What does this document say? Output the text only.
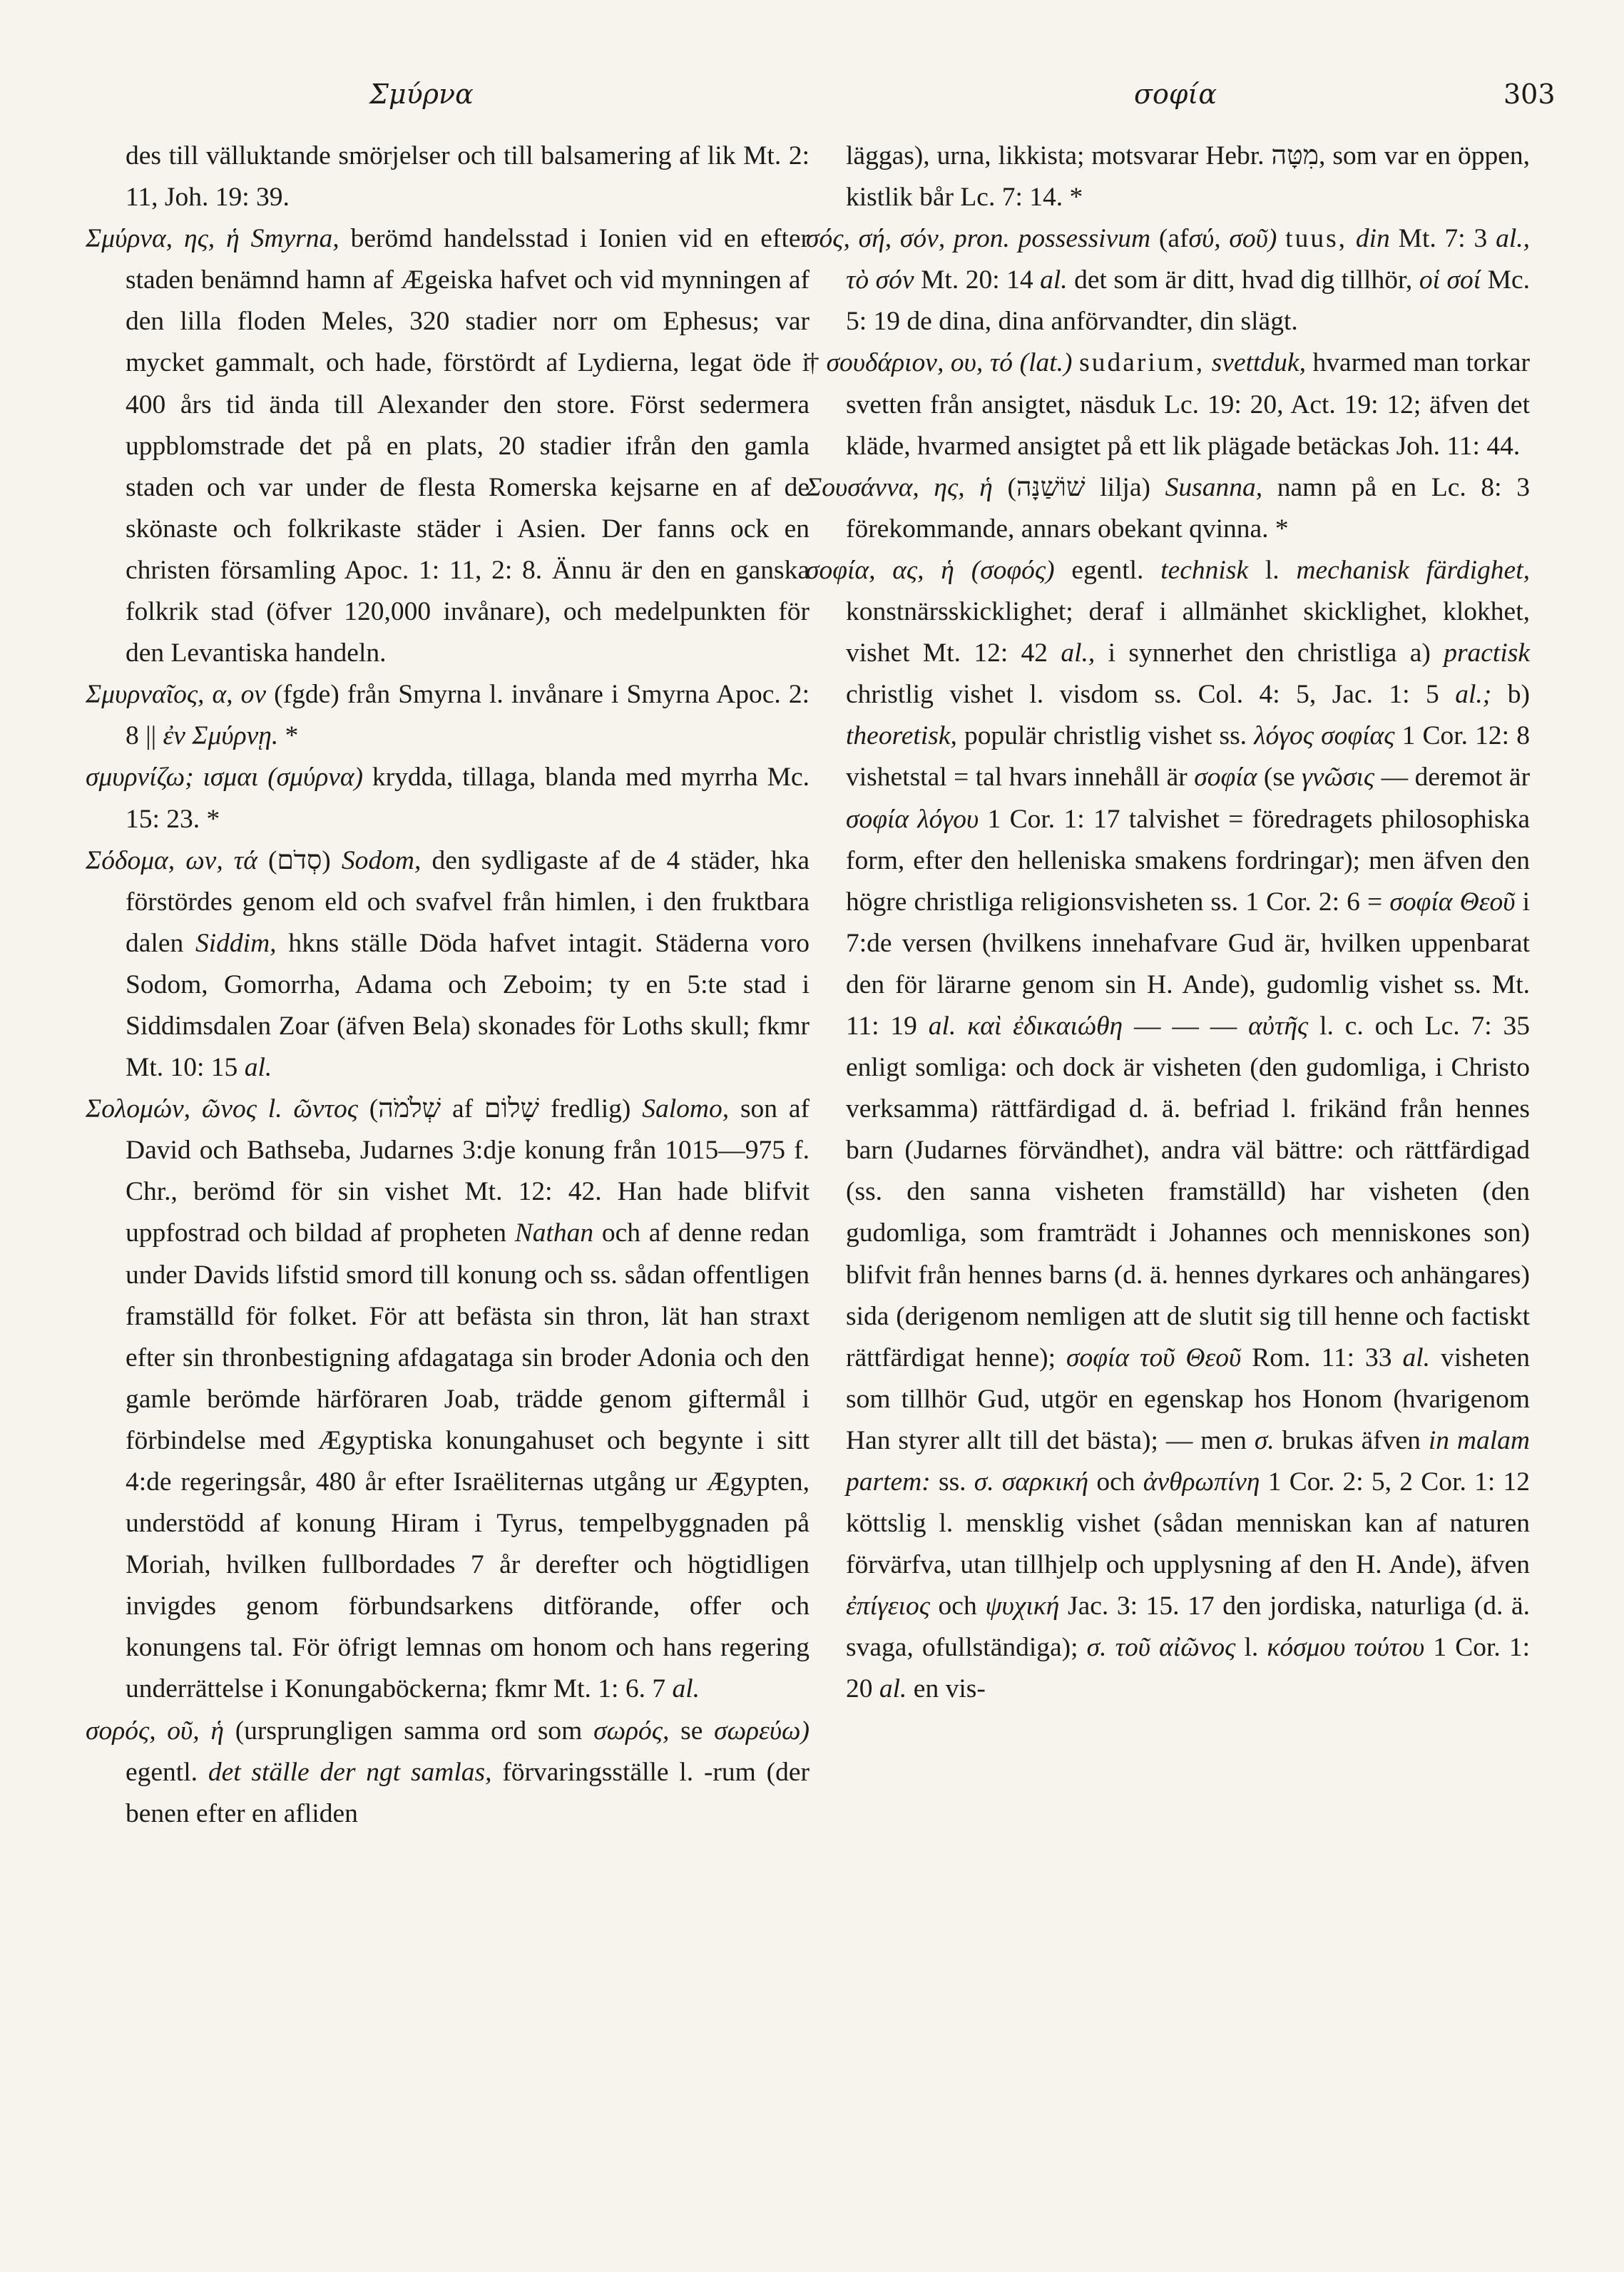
Σμύρνα	σοφία	303

des till välluktande smörjelser och till balsamering af lik Mt. 2: 11, Joh. 19: 39.

Σμύρνα, ης, ἡ Smyrna, berömd handelsstad i Ionien vid en efter staden benämnd hamn af Ægeiska hafvet och vid mynningen af den lilla floden Meles, 320 stadier norr om Ephesus; var mycket gammalt, och hade, förstördt af Lydierna, legat öde i 400 års tid ända till Alexander den store. Först sedermera uppblomstrade det på en plats, 20 stadier ifrån den gamla staden och var under de flesta Romerska kejsarne en af de skönaste och folkrikaste städer i Asien. Der fanns ock en christen församling Apoc. 1: 11, 2: 8. Ännu är den en ganska folkrik stad (öfver 120,000 invånare), och medelpunkten för den Levantiska handeln.

Σμυρναῖος, α, ον (fgde) från Smyrna l. invånare i Smyrna Apoc. 2: 8 || ἐν Σμύρνῃ. *

σμυρνίζω; ισμαι (σμύρνα) krydda, tillaga, blanda med myrrha Mc. 15: 23. *

Σόδομα, ων, τά (סְדֹם) Sodom, den sydligaste af de 4 städer, hka förstördes genom eld och svafvel från himlen, i den fruktbara dalen Siddim, hkns ställe Döda hafvet intagit. Städerna voro Sodom, Gomorrha, Adama och Zeboim; ty en 5:te stad i Siddimsdalen Zoar (äfven Bela) skonades för Loths skull; fkmr Mt. 10: 15 al.

Σολομών, ῶνος l. ῶντος (שְׁלֹמֹה af שָׁלוֹם fredlig) Salomo, son af David och Bathseba, Judarnes 3:dje konung från 1015—975 f. Chr., berömd för sin vishet Mt. 12: 42. Han hade blifvit uppfostrad och bildad af propheten Nathan och af denne redan under Davids lifstid smord till konung och ss. sådan offentligen framställd för folket. För att befästa sin thron, lät han straxt efter sin thronbestigning afdagataga sin broder Adonia och den gamle berömde härföraren Joab, trädde genom giftermål i förbindelse med Ægyptiska konungahuset och begynte i sitt 4:de regeringsår, 480 år efter Israëliternas utgång ur Ægypten, understödd af konung Hiram i Tyrus, tempelbyggnaden på Moriah, hvilken fullbordades 7 år derefter och högtidligen invigdes genom förbundsarkens ditförande, offer och konungens tal. För öfrigt lemnas om honom och hans regering underrättelse i Konungaböckerna; fkmr Mt. 1: 6. 7 al.

σορός, οῦ, ἡ (ursprungligen samma ord som σωρός, se σωρεύω) egentl. det ställe der ngt samlas, förvaringsställe l. -rum (der benen efter en afliden

läggas), urna, likkista; motsvarar Hebr. מִטָּה, som var en öppen, kistlik bår Lc. 7: 14. *

σός, σή, σόν, pron. possessivum (afσύ, σοῦ) tuus, din Mt. 7: 3 al., τὸ σόν Mt. 20: 14 al. det som är ditt, hvad dig tillhör, οἱ σοί Mc. 5: 19 de dina, dina anförvandter, din slägt.

† σουδάριον, ου, τό (lat.) sudarium, svettduk, hvarmed man torkar svetten från ansigtet, näsduk Lc. 19: 20, Act. 19: 12; äfven det kläde, hvarmed ansigtet på ett lik plägade betäckas Joh. 11: 44.

Σουσάννα, ης, ἡ (שׁוֹשַׁנָּה lilja) Susanna, namn på en Lc. 8: 3 förekommande, annars obekant qvinna. *

σοφία, ας, ἡ (σοφός) egentl. technisk l. mechanisk färdighet, konstnärsskicklighet; deraf i allmänhet skicklighet, klokhet, vishet Mt. 12: 42 al., i synnerhet den christliga a) practisk christlig vishet l. visdom ss. Col. 4: 5, Jac. 1: 5 al.; b) theoretisk, populär christlig vishet ss. λόγος σοφίας 1 Cor. 12: 8 vishetstal = tal hvars innehåll är σοφία (se γνῶσις — deremot är σοφία λόγου 1 Cor. 1: 17 talvishet = föredragets philosophiska form, efter den helleniska smakens fordringar); men äfven den högre christliga religionsvisheten ss. 1 Cor. 2: 6 = σοφία Θεοῦ i 7:de versen (hvilkens innehafvare Gud är, hvilken uppenbarat den för lärarne genom sin H. Ande), gudomlig vishet ss. Mt. 11: 19 al. καὶ ἐδικαιώθη — — — αὐτῆς l. c. och Lc. 7: 35 enligt somliga: och dock är visheten (den gudomliga, i Christo verksamma) rättfärdigad d. ä. befriad l. frikänd från hennes barn (Judarnes förvändhet), andra väl bättre: och rättfärdigad (ss. den sanna visheten framställd) har visheten (den gudomliga, som framträdt i Johannes och menniskones son) blifvit från hennes barns (d. ä. hennes dyrkares och anhängares) sida (derigenom nemligen att de slutit sig till henne och factiskt rättfärdigat henne); σοφία τοῦ Θεοῦ Rom. 11: 33 al. visheten som tillhör Gud, utgör en egenskap hos Honom (hvarigenom Han styrer allt till det bästa); — men σ. brukas äfven in malam partem: ss. σ. σαρκική och ἀνθρωπίνη 1 Cor. 2: 5, 2 Cor. 1: 12 köttslig l. mensklig vishet (sådan menniskan kan af naturen förvärfva, utan tillhjelp och upplysning af den H. Ande), äfven ἐπίγειος och ψυχική Jac. 3: 15. 17 den jordiska, naturliga (d. ä. svaga, ofullständiga); σ. τοῦ αἰῶνος l. κόσμου τούτου 1 Cor. 1: 20 al. en vis-
